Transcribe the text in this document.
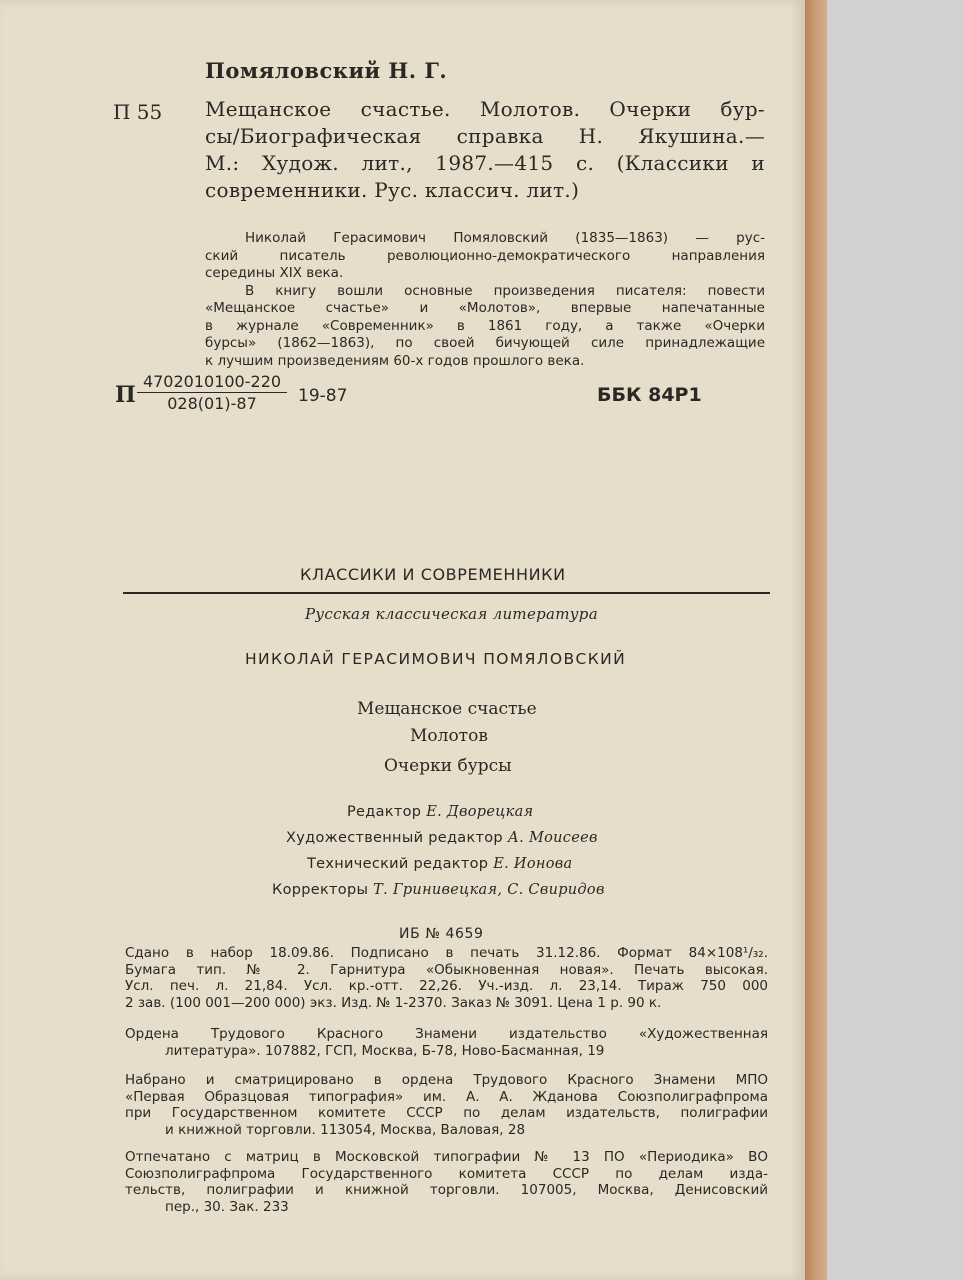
Помяловский Н. Г.
П 55 Мещанское счастье. Молотов. Очерки бур-
сы/Биографическая справка Н. Якушина.—
М.: Худож. лит., 1987.—415 с. (Классики и
современники. Рус. классич. лит.)
Николай Герасимович Помяловский (1835—1863) — рус-
ский писатель революционно-демократического направления
середины XIX века.
В книгу вошли основные произведения писателя: повести
«Мещанское счастье» и «Молотов», впервые напечатанные
в журнале «Современник» в 1861 году, а также «Очерки
бурсы» (1862—1863), по своей бичующей силе принадлежащие
к лучшим произведениям 60-х годов прошлого века.
П $\frac{4702010100-220}{028(01)-87} 19-87$	ББК 84Р1
КЛАССИКИ И СОВРЕМЕННИКИ
Русская классическая литература
НИКОЛАЙ ГЕРАСИМОВИЧ ПОМЯЛОВСКИЙ
Мещанское счастье
Молотов
Очерки бурсы
Редактор Е. Дворецкая
Художественный редактор А. Моисеев
Технический редактор Е. Ионова
Корректоры Т. Гринивецкая, С. Свиридов
ИБ № 4659
Сдано в набор 18.09.86. Подписано в печать 31.12.86. Формат 84×108¹/₃₂.
Бумага тип. № 2. Гарнитура «Обыкновенная новая». Печать высокая.
Усл. печ. л. 21,84. Усл. кр.-отт. 22,26. Уч.-изд. л. 23,14. Тираж 750 000
2 зав. (100 001—200 000) экз. Изд. № 1-2370. Заказ № 3091. Цена 1 р. 90 к.
Ордена Трудового Красного Знамени издательство «Художественная
литература». 107882, ГСП, Москва, Б-78, Ново-Басманная, 19
Набрано и сматрицировано в ордена Трудового Красного Знамени МПО
«Первая Образцовая типография» им. А. А. Жданова Союзполиграфпрома
при Государственном комитете СССР по делам издательств, полиграфии
и книжной торговли. 113054, Москва, Валовая, 28
Отпечатано с матриц в Московской типографии № 13 ПО «Периодика» ВО
Союзполиграфпрома Государственного комитета СССР по делам изда-
тельств, полиграфии и книжной торговли. 107005, Москва, Денисовский
пер., 30. Зак. 233
